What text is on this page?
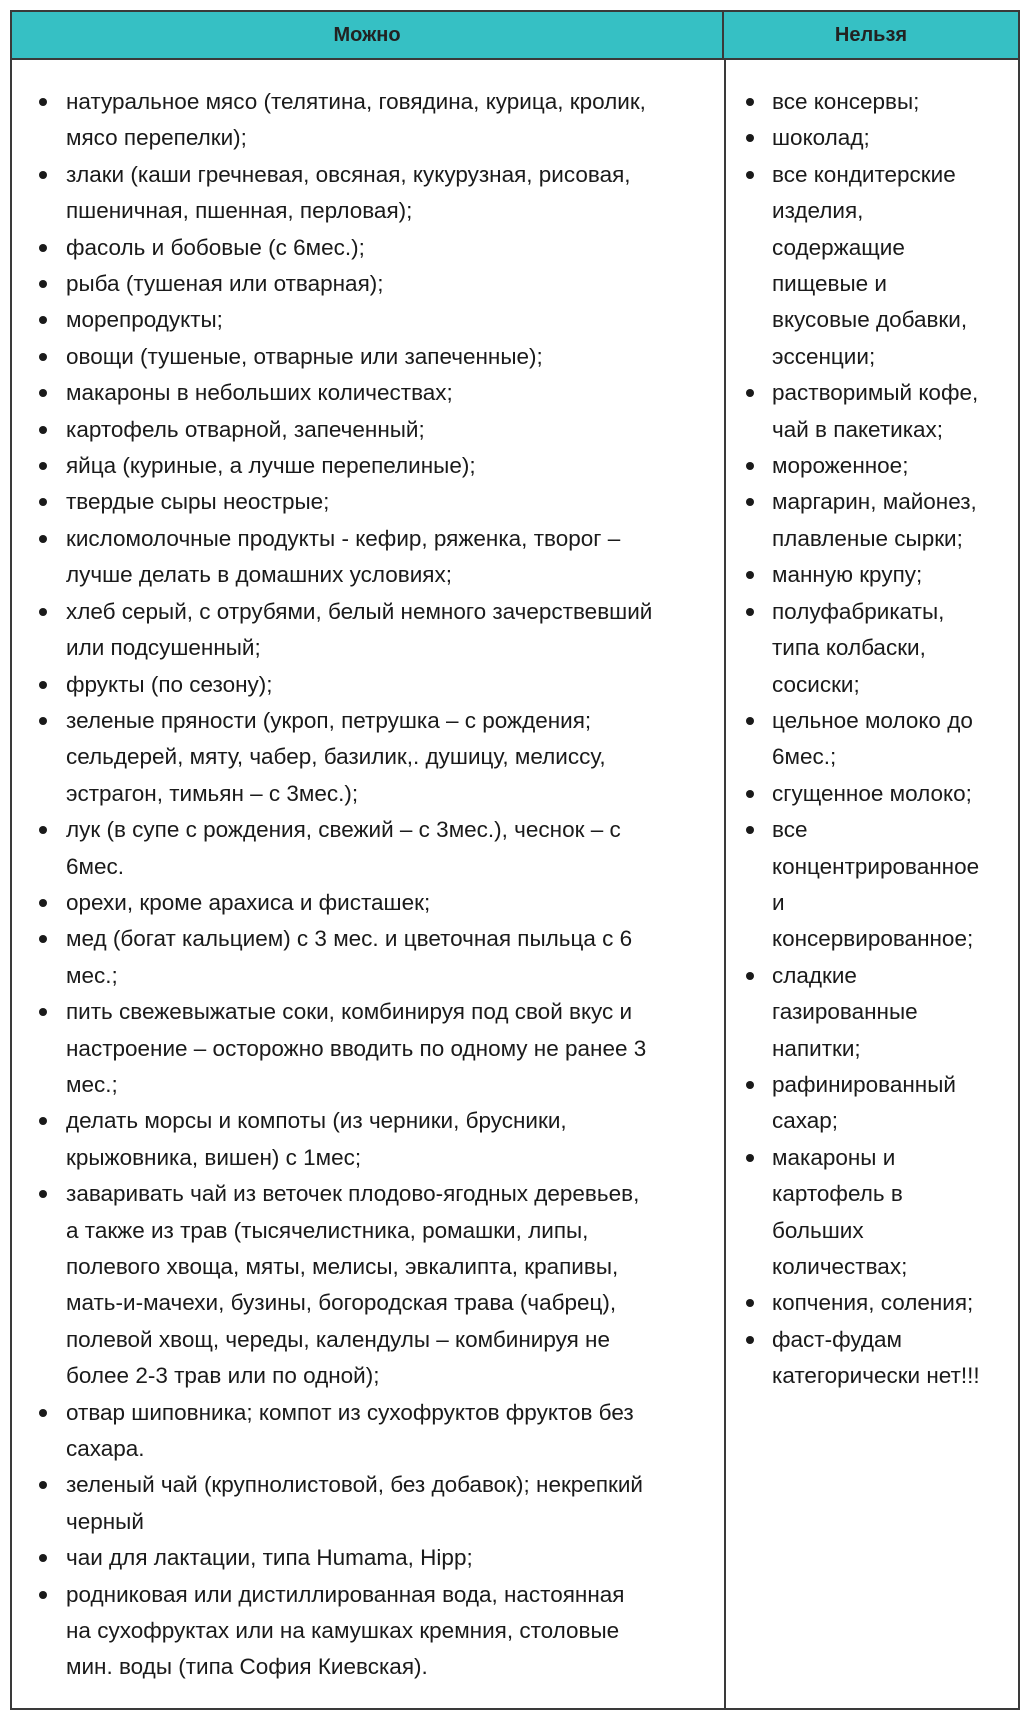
Можно	Нельзя
натуральное мясо (телятина, говядина, курица, кролик,
мясо перепелки);
злаки (каши гречневая, овсяная, кукурузная, рисовая,
пшеничная, пшенная, перловая);
фасоль и бобовые (с 6мес.);
рыба (тушеная или отварная);
морепродукты;
овощи (тушеные, отварные или запеченные);
макароны в небольших количествах;
картофель отварной, запеченный;
яйца (куриные, а лучше перепелиные);
твердые сыры неострые;
кисломолочные продукты - кефир, ряженка, творог –
лучше делать в домашних условиях;
хлеб серый, с отрубями, белый немного зачерствевший
или подсушенный;
фрукты (по сезону);
зеленые пряности (укроп, петрушка – с рождения;
сельдерей, мяту, чабер, базилик,. душицу, мелиссу,
эстрагон, тимьян – с 3мес.);
лук (в супе с рождения, свежий – с 3мес.), чеснок – с
6мес.
орехи, кроме арахиса и фисташек;
мед (богат кальцием) с 3 мес. и цветочная пыльца с 6
мес.;
пить свежевыжатые соки, комбинируя под свой вкус и
настроение – осторожно вводить по одному не ранее 3
мес.;
делать морсы и компоты (из черники, брусники,
крыжовника, вишен) с 1мес;
заваривать чай из веточек плодово-ягодных деревьев,
а также из трав (тысячелистника, ромашки, липы,
полевого хвоща, мяты, мелисы, эвкалипта, крапивы,
мать-и-мачехи, бузины, богородская трава (чабрец),
полевой хвощ, череды, календулы – комбинируя не
более 2-3 трав или по одной);
отвар шиповника; компот из сухофруктов фруктов без
сахара.
зеленый чай (крупнолистовой, без добавок); некрепкий
черный
чаи для лактации, типа Humama, Hipp;
родниковая или дистиллированная вода, настоянная
на сухофруктах или на камушках кремния, столовые
мин. воды (типа София Киевская).
все консервы;
шоколад;
все кондитерские
изделия,
содержащие
пищевые и
вкусовые добавки,
эссенции;
растворимый кофе,
чай в пакетиках;
мороженное;
маргарин, майонез,
плавленые сырки;
манную крупу;
полуфабрикаты,
типа колбаски,
сосиски;
цельное молоко до
6мес.;
сгущенное молоко;
все
концентрированное
и
консервированное;
сладкие
газированные
напитки;
рафинированный
сахар;
макароны и
картофель в
больших
количествах;
копчения, соления;
фаст-фудам
категорически нет!!!
